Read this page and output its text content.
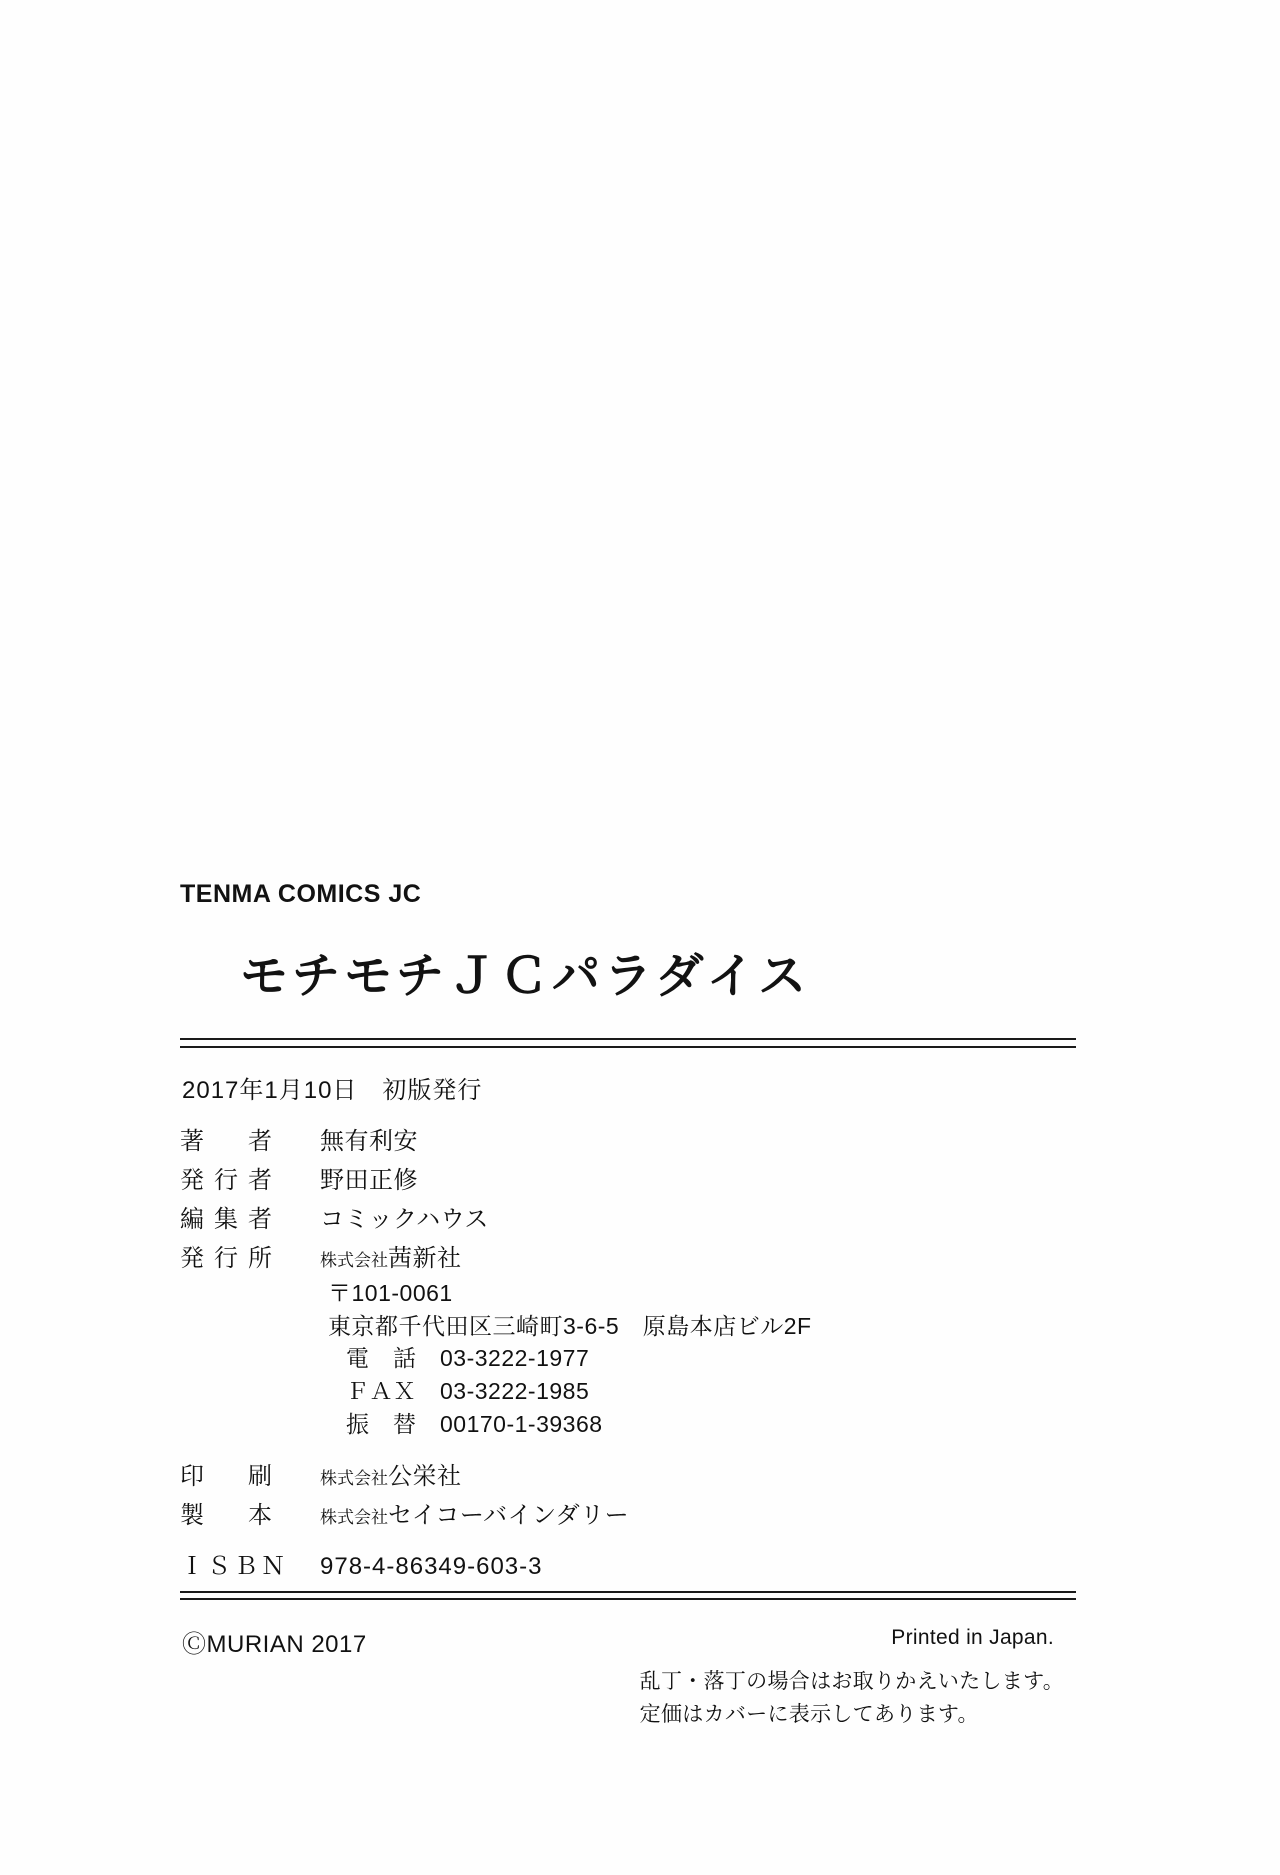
TENMA COMICS JC
モチモチＪＣパラダイス
2017年1月10日　初版発行
著　者	無有利安
発行者	野田正修
編集者	コミックハウス
発行所	株式会社茜新社
〒101-0061
東京都千代田区三崎町3-6-5　原島本店ビル2F
電　話　03-3222-1977
ＦＡＸ　03-3222-1985
振　替　00170-1-39368
印　刷	株式会社公栄社
製　本	株式会社セイコーバインダリー
ＩＳＢＮ 978-4-86349-603-3
ⒸMURIAN 2017	Printed in Japan.
乱丁・落丁の場合はお取りかえいたします。
定価はカバーに表示してあります。
